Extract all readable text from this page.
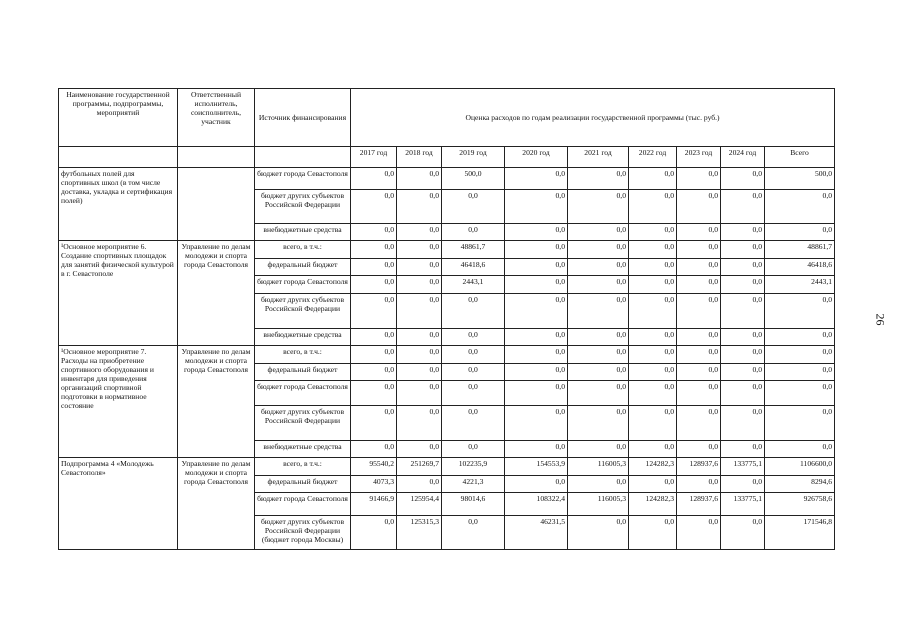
26
Наименование государственной программы, подпрограммы, мероприятий	Ответственный исполнитель, соисполнитель, участник	Источник финансирования	Оценка расходов по годам реализации государственной программы (тыс. руб.)								
			2017 год	2018 год	2019 год	2020 год	2021 год	2022 год	2023 год	2024 год	Всего
футбольных полей для спортивных школ (в том числе доставка, укладка и сертификация полей)		бюджет города Севастополя	0,0	0,0	500,0	0,0	0,0	0,0	0,0	0,0	500,0
		бюджет других субъектов Российской Федерации	0,0	0,0	0,0	0,0	0,0	0,0	0,0	0,0	0,0
		внебюджетные средства	0,0	0,0	0,0	0,0	0,0	0,0	0,0	0,0	0,0
¹Основное мероприятие 6. Создание спортивных площадок для занятий физической культурой в г. Севастополе	Управление по делам молодежи и спорта города Севастополя	всего, в т.ч.:	0,0	0,0	48861,7	0,0	0,0	0,0	0,0	0,0	48861,7
		федеральный бюджет	0,0	0,0	46418,6	0,0	0,0	0,0	0,0	0,0	46418,6
		бюджет города Севастополя	0,0	0,0	2443,1	0,0	0,0	0,0	0,0	0,0	2443,1
		бюджет других субъектов Российской Федерации	0,0	0,0	0,0	0,0	0,0	0,0	0,0	0,0	0,0
		внебюджетные средства	0,0	0,0	0,0	0,0	0,0	0,0	0,0	0,0	0,0
¹Основное мероприятие 7. Расходы на приобретение спортивного оборудования и инвентаря для приведения организаций спортивной подготовки в нормативное состояние	Управление по делам молодежи и спорта города Севастополя	всего, в т.ч.:	0,0	0,0	0,0	0,0	0,0	0,0	0,0	0,0	0,0
		федеральный бюджет	0,0	0,0	0,0	0,0	0,0	0,0	0,0	0,0	0,0
		бюджет города Севастополя	0,0	0,0	0,0	0,0	0,0	0,0	0,0	0,0	0,0
		бюджет других субъектов Российской Федерации	0,0	0,0	0,0	0,0	0,0	0,0	0,0	0,0	0,0
		внебюджетные средства	0,0	0,0	0,0	0,0	0,0	0,0	0,0	0,0	0,0
Подпрограмма 4 «Молодежь Севастополя»	Управление по делам молодежи и спорта города Севастополя	всего, в т.ч.:	95540,2	251269,7	102235,9	154553,9	116005,3	124282,3	128937,6	133775,1	1106600,0
		федеральный бюджет	4073,3	0,0	4221,3	0,0	0,0	0,0	0,0	0,0	8294,6
		бюджет города Севастополя	91466,9	125954,4	98014,6	108322,4	116005,3	124282,3	128937,6	133775,1	926758,6
		бюджет других субъектов Российской Федерации (бюджет города Москвы)	0,0	125315,3	0,0	46231,5	0,0	0,0	0,0	0,0	171546,8
